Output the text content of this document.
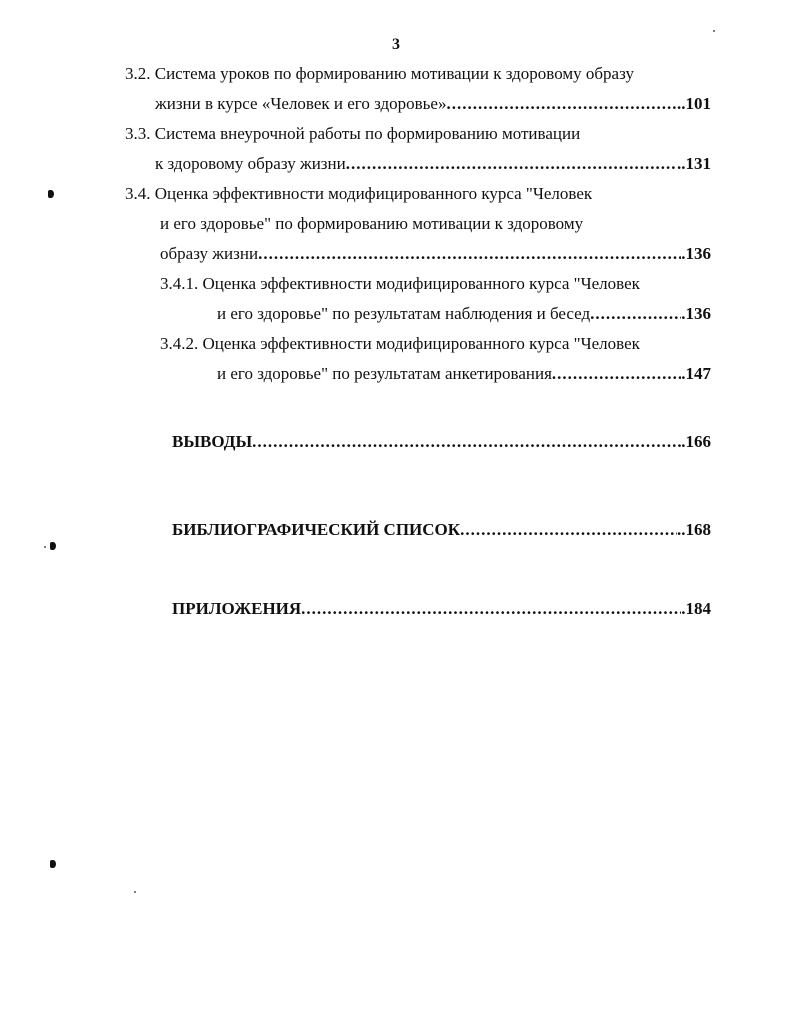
3
3.2. Система уроков по формированию мотивации к здоровому образу
жизни в курсе «Человек и его здоровье» .....	..101
3.3. Система внеурочной работы по формированию мотивации
к здоровому образу жизни .....	..131
3.4. Оценка эффективности модифицированного курса "Человек
и его здоровье" по формированию мотивации к здоровому
образу жизни .....	.136
3.4.1. Оценка эффективности модифицированного курса "Человек
и его здоровье" по результатам наблюдения и бесед .....	.136
3.4.2. Оценка эффективности модифицированного курса "Человек
и его здоровье" по результатам анкетирования .....	.147
ВЫВОДЫ .....	.166
БИБЛИОГРАФИЧЕСКИЙ СПИСОК .....	..168
ПРИЛОЖЕНИЯ .....	.184
